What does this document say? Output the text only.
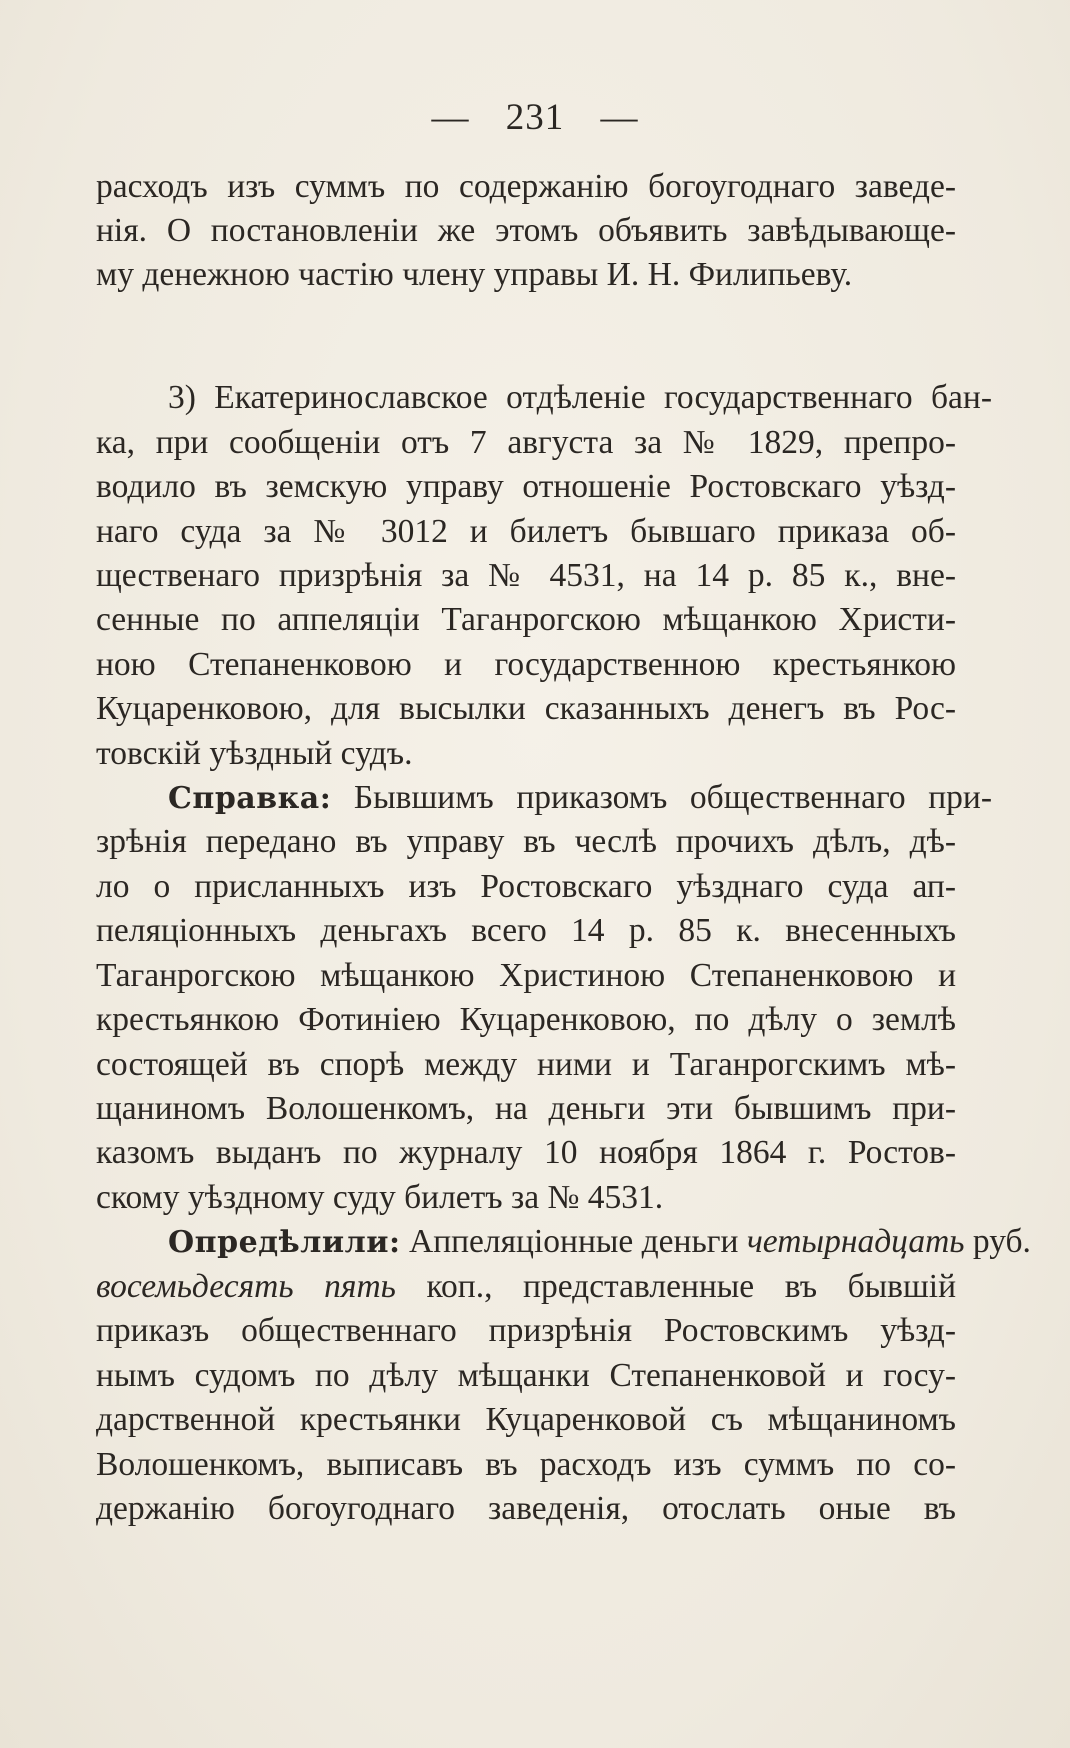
— 231 —
расходъ изъ суммъ по содержанію богоугоднаго заведе-
нія. О постановленіи же этомъ объявить завѣдывающе-
му денежною частію члену управы И. Н. Филипьеву.
3) Екатеринославское отдѣленіе государственнаго бан-
ка, при сообщеніи отъ 7 августа за № 1829, препро-
водило въ земскую управу отношеніе Ростовскаго уѣзд-
наго суда за № 3012 и билетъ бывшаго приказа об-
щественаго призрѣнія за № 4531, на 14 р. 85 к., вне-
сенные по аппеляціи Таганрогскою мѣщанкою Христи-
ною Степаненковою и государственною крестьянкою
Куцаренковою, для высылки сказанныхъ денегъ въ Рос-
товскій уѣздный судъ.
Справка: Бывшимъ приказомъ общественнаго при-
зрѣнія передано въ управу въ чеслѣ прочихъ дѣлъ, дѣ-
ло о присланныхъ изъ Ростовскаго уѣзднаго суда ап-
пеляціонныхъ деньгахъ всего 14 р. 85 к. внесенныхъ
Таганрогскою мѣщанкою Христиною Степаненковою и
крестьянкою Фотиніею Куцаренковою, по дѣлу о землѣ
состоящей въ спорѣ между ними и Таганрогскимъ мѣ-
щаниномъ Волошенкомъ, на деньги эти бывшимъ при-
казомъ выданъ по журналу 10 ноября 1864 г. Ростов-
скому уѣздному суду билетъ за № 4531.
Опредѣлили: Аппеляціонные деньги четырнадцать руб.
восемьдесять пять коп., представленные въ бывшій
приказъ общественнаго призрѣнія Ростовскимъ уѣзд-
нымъ судомъ по дѣлу мѣщанки Степаненковой и госу-
дарственной крестьянки Куцаренковой съ мѣщаниномъ
Волошенкомъ, выписавъ въ расходъ изъ суммъ по со-
держанію богоугоднаго заведенія, отослать оные въ
